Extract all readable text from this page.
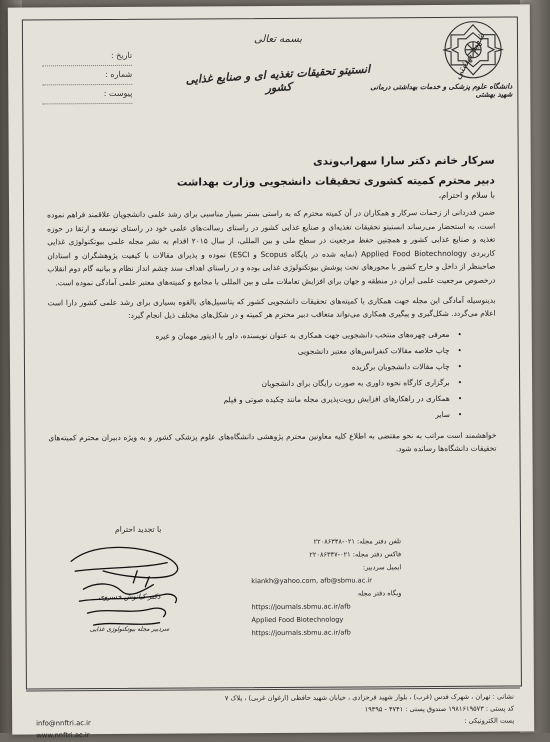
شهید بهشتی
دانشگاه علوم پزشکی و خدمات بهداشتی درمانی شهید بهشتی
بسمه تعالی
انستیتو تحقیقات تغذیه ای و صنایع غذایی کشور
تاریخ :
شماره :
پیوست :
سرکار خانم دکتر سارا سهراب‌وندی
دبیر محترم کمیته کشوری تحقیقات دانشجویی وزارت بهداشت
با سلام و احترام،

ضمن قدردانی از زحمات سرکار و همکاران در آن کمیته محترم که به راستی بستر بسیار مناسبی برای رشد علمی دانشجویان علاقمند فراهم نموده است، به استحضار می‌رساند انستیتو تحقیقات تغذیه‌ای و صنایع غذایی کشور در راستای رسالت‌های علمی خود در راستای توسعه و ارتقا در حوزه تغذیه و صنایع غذایی کشور و همچنین حفظ مرجعیت در سطح ملی و بین المللی، از سال ۲۰۱۵ اقدام به نشر مجله علمی بیوتکنولوژی غذایی کاربردی Applied Food Biotechnology (نمایه شده در پایگاه Scopus و ESCI) نموده و پذیرای مقالات با کیفیت پژوهشگران و استادان صاحبنظر از داخل و خارج کشور با محورهای تحت پوشش بیوتکنولوژی غذایی بوده و در راستای اهداف سند چشم انداز نظام و بیانیه گام دوم انقلاب درخصوص مرجعیت علمی ایران در منطقه و جهان برای افزایش تعاملات ملی و بین المللی با مجامع و کمیته‌های معتبر علمی آمادگی نموده است.

بدینوسیله آمادگی این مجله جهت همکاری با کمیته‌های تحقیقات دانشجویی کشور که پتانسیل‌های بالقوه بسیاری برای رشد علمی کشور دارا است اعلام می‌گردد. شکل‌گیری و پیگیری همکاری می‌تواند متعاقب دبیر محترم هر کمیته و در شکل‌های مختلف ذیل انجام گیرد:

• معرفی چهره‌های منتخب دانشجویی جهت همکاری به عنوان نویسنده، داور یا ادیتور مهمان و غیره
• چاپ خلاصه مقالات کنفرانس‌های معتبر دانشجویی
• چاپ مقالات دانشجویان برگزیده
• برگزاری کارگاه نحوه داوری به صورت رایگان برای دانشجویان
• همکاری در راهکارهای افزایش رویت‌پذیری مجله مانند چکیده صوتی و فیلم
• سایر

خواهشمند است مراتب به نحو مقتضی به اطلاع کلیه معاونین محترم پژوهشی دانشگاه‌های علوم پزشکی کشور و به ویژه دبیران محترم کمیته‌های تحقیقات دانشگاه‌ها رسانده شود.

با تجدید احترام
تلفن دفتر مجله: ۰۲۱-۲۲۰۸۶۳۴۸
فاکس دفتر مجله: ۰۲۱-۲۲۰۸۶۳۴۷
ایمیل سردبیر:
kiankh@yahoo.com, afb@sbmu.ac.ir
وبگاه دفتر مجله
https://journals.sbmu.ac.ir/afb
Applied Food Biotechnology
https://journals.sbmu.ac.ir/afb
دکتر کیانوش خسروی
سردبیر مجله بیوتکنولوژی غذایی
نشانی : تهران ، شهرک قدس (غرب) ، بلوار شهید فرحزادی ، خیابان شهید حافظی (ارغوان غربی) ، پلاک ۷
کد پستی : ۱۹۸۱۶۱۹۵۷۳ صندوق پستی : ۴۷۴۱ - ۱۹۳۹۵
پست الکترونیکی :
info@nnftri.ac.ir
www.nnftri.ac.ir
